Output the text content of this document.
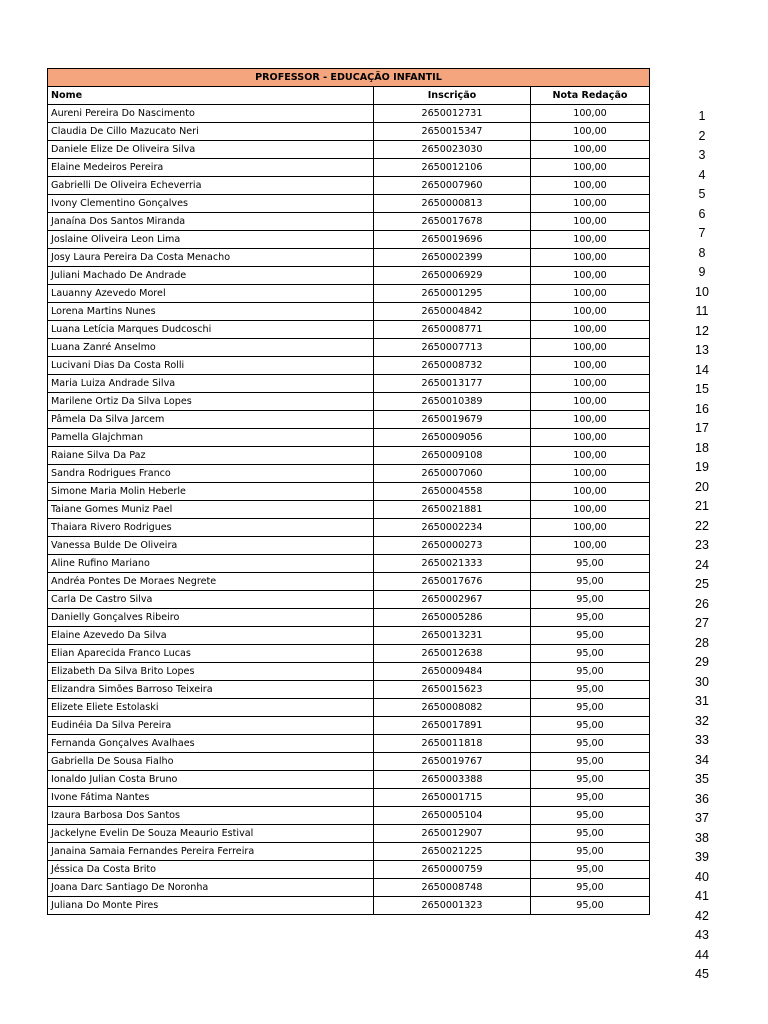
PROFESSOR - EDUCAÇÃO INFANTIL		
Nome	Inscrição	Nota Redação
Aureni Pereira Do Nascimento	2650012731	100,00
Claudia De Cillo Mazucato Neri	2650015347	100,00
Daniele Elize De Oliveira Silva	2650023030	100,00
Elaine Medeiros Pereira	2650012106	100,00
Gabrielli De Oliveira Echeverria	2650007960	100,00
Ivony Clementino Gonçalves	2650000813	100,00
Janaína Dos Santos Miranda	2650017678	100,00
Joslaine Oliveira Leon Lima	2650019696	100,00
Josy Laura Pereira Da Costa Menacho	2650002399	100,00
Juliani Machado De Andrade	2650006929	100,00
Lauanny Azevedo Morel	2650001295	100,00
Lorena Martins Nunes	2650004842	100,00
Luana Letícia Marques Dudcoschi	2650008771	100,00
Luana Zanré Anselmo	2650007713	100,00
Lucivani Dias Da Costa Rolli	2650008732	100,00
Maria Luiza Andrade Silva	2650013177	100,00
Marilene Ortiz Da Silva Lopes	2650010389	100,00
Pâmela Da Silva Jarcem	2650019679	100,00
Pamella Glajchman	2650009056	100,00
Raiane Silva Da Paz	2650009108	100,00
Sandra Rodrigues Franco	2650007060	100,00
Simone Maria Molin Heberle	2650004558	100,00
Taiane Gomes Muniz Pael	2650021881	100,00
Thaiara Rivero Rodrigues	2650002234	100,00
Vanessa Bulde De Oliveira	2650000273	100,00
Aline Rufino Mariano	2650021333	95,00
Andréa Pontes De Moraes Negrete	2650017676	95,00
Carla De Castro Silva	2650002967	95,00
Danielly Gonçalves Ribeiro	2650005286	95,00
Elaine Azevedo Da Silva	2650013231	95,00
Elian Aparecida Franco Lucas	2650012638	95,00
Elizabeth Da Silva Brito Lopes	2650009484	95,00
Elizandra Simões Barroso Teixeira	2650015623	95,00
Elizete Eliete Estolaski	2650008082	95,00
Eudinéia Da Silva Pereira	2650017891	95,00
Fernanda Gonçalves Avalhaes	2650011818	95,00
Gabriella De Sousa Fialho	2650019767	95,00
Ionaldo Julian Costa Bruno	2650003388	95,00
Ivone Fátima Nantes	2650001715	95,00
Izaura Barbosa Dos Santos	2650005104	95,00
Jackelyne Evelin De Souza Meaurio Estival	2650012907	95,00
Janaina Samaia Fernandes Pereira Ferreira	2650021225	95,00
Jéssica Da Costa Brito	2650000759	95,00
Joana Darc Santiago De Noronha	2650008748	95,00
Juliana Do Monte Pires	2650001323	95,00
1
2
3
4
5
6
7
8
9
10
11
12
13
14
15
16
17
18
19
20
21
22
23
24
25
26
27
28
29
30
31
32
33
34
35
36
37
38
39
40
41
42
43
44
45
